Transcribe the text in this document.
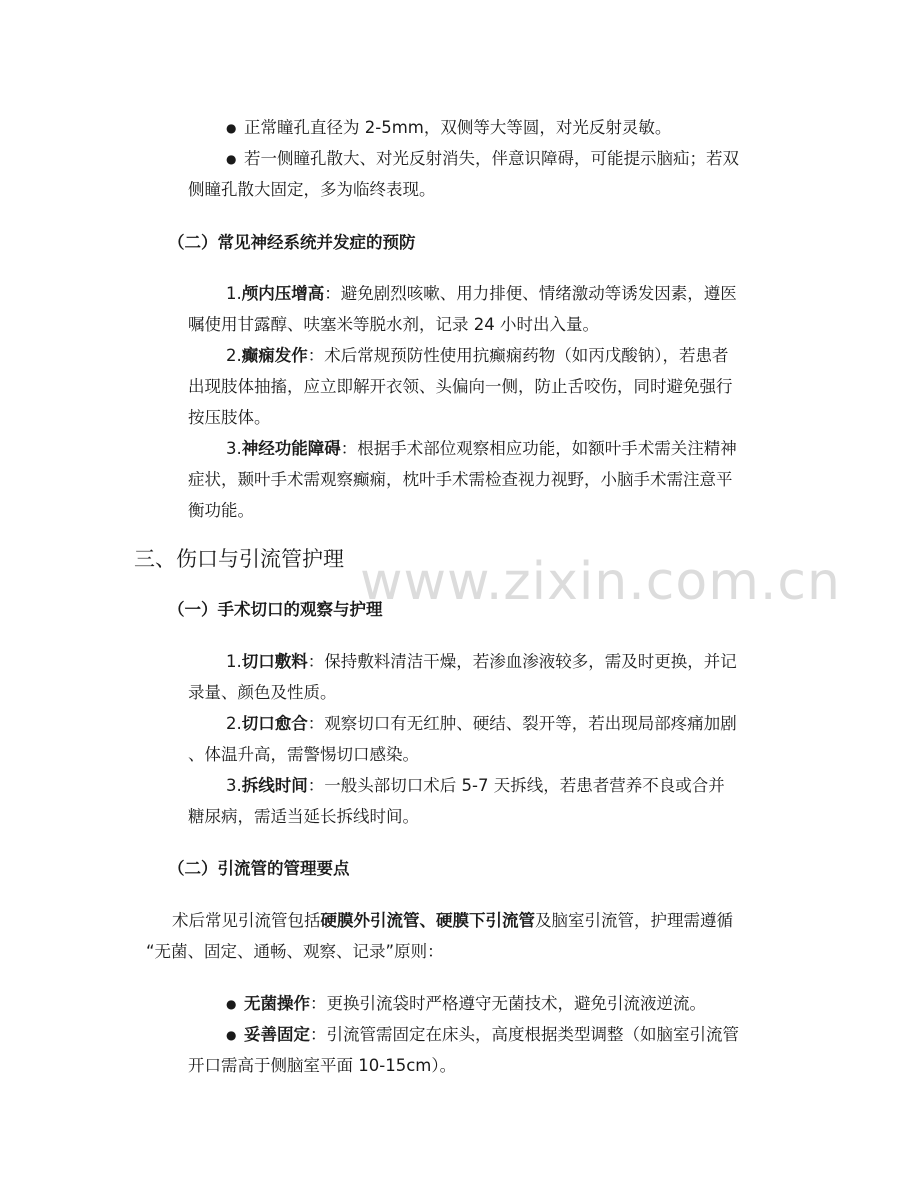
www.zixin.com.cn
● 正常瞳孔直径为 2-5mm，双侧等大等圆，对光反射灵敏。
● 若一侧瞳孔散大、对光反射消失，伴意识障碍，可能提示脑疝；若双
侧瞳孔散大固定，多为临终表现。
（二）常见神经系统并发症的预防
1.颅内压增高：避免剧烈咳嗽、用力排便、情绪激动等诱发因素，遵医
嘱使用甘露醇、呋塞米等脱水剂，记录 24 小时出入量。
2.癫痫发作：术后常规预防性使用抗癫痫药物（如丙戊酸钠），若患者
出现肢体抽搐，应立即解开衣领、头偏向一侧，防止舌咬伤，同时避免强行
按压肢体。
3.神经功能障碍：根据手术部位观察相应功能，如额叶手术需关注精神
症状，颞叶手术需观察癫痫，枕叶手术需检查视力视野，小脑手术需注意平
衡功能。
三、伤口与引流管护理
（一）手术切口的观察与护理
1.切口敷料：保持敷料清洁干燥，若渗血渗液较多，需及时更换，并记
录量、颜色及性质。
2.切口愈合：观察切口有无红肿、硬结、裂开等，若出现局部疼痛加剧
、体温升高，需警惕切口感染。
3.拆线时间：一般头部切口术后 5-7 天拆线，若患者营养不良或合并
糖尿病，需适当延长拆线时间。
（二）引流管的管理要点
术后常见引流管包括硬膜外引流管、硬膜下引流管及脑室引流管，护理需遵循
“无菌、固定、通畅、观察、记录”原则：
● 无菌操作：更换引流袋时严格遵守无菌技术，避免引流液逆流。
● 妥善固定：引流管需固定在床头，高度根据类型调整（如脑室引流管
开口需高于侧脑室平面 10-15cm）。
